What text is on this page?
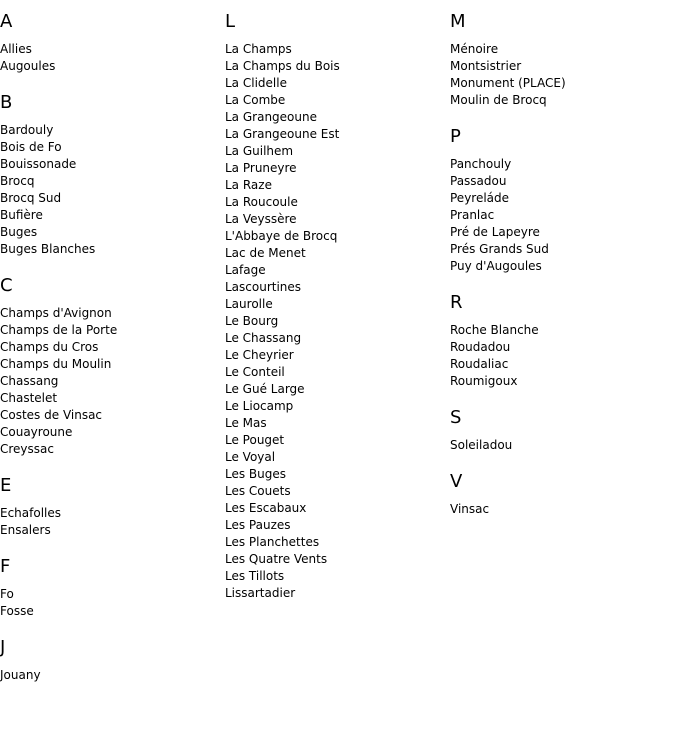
A
Allies
Augoules
B
Bardouly
Bois de Fo
Bouissonade
Brocq
Brocq Sud
Bufière
Buges
Buges Blanches
C
Champs d'Avignon
Champs de la Porte
Champs du Cros
Champs du Moulin
Chassang
Chastelet
Costes de Vinsac
Couayroune
Creyssac
E
Echafolles
Ensalers
F
Fo
Fosse
J
Jouany
L
La Champs
La Champs du Bois
La Clidelle
La Combe
La Grangeoune
La Grangeoune Est
La Guilhem
La Pruneyre
La Raze
La Roucoule
La Veyssère
L'Abbaye de Brocq
Lac de Menet
Lafage
Lascourtines
Laurolle
Le Bourg
Le Chassang
Le Cheyrier
Le Conteil
Le Gué Large
Le Liocamp
Le Mas
Le Pouget
Le Voyal
Les Buges
Les Couets
Les Escabaux
Les Pauzes
Les Planchettes
Les Quatre Vents
Les Tillots
Lissartadier
M
Ménoire
Montsistrier
Monument (PLACE)
Moulin de Brocq
P
Panchouly
Passadou
Peyreláde
Pranlac
Pré de Lapeyre
Prés Grands Sud
Puy d'Augoules
R
Roche Blanche
Roudadou
Roudaliac
Roumigoux
S
Soleiladou
V
Vinsac
